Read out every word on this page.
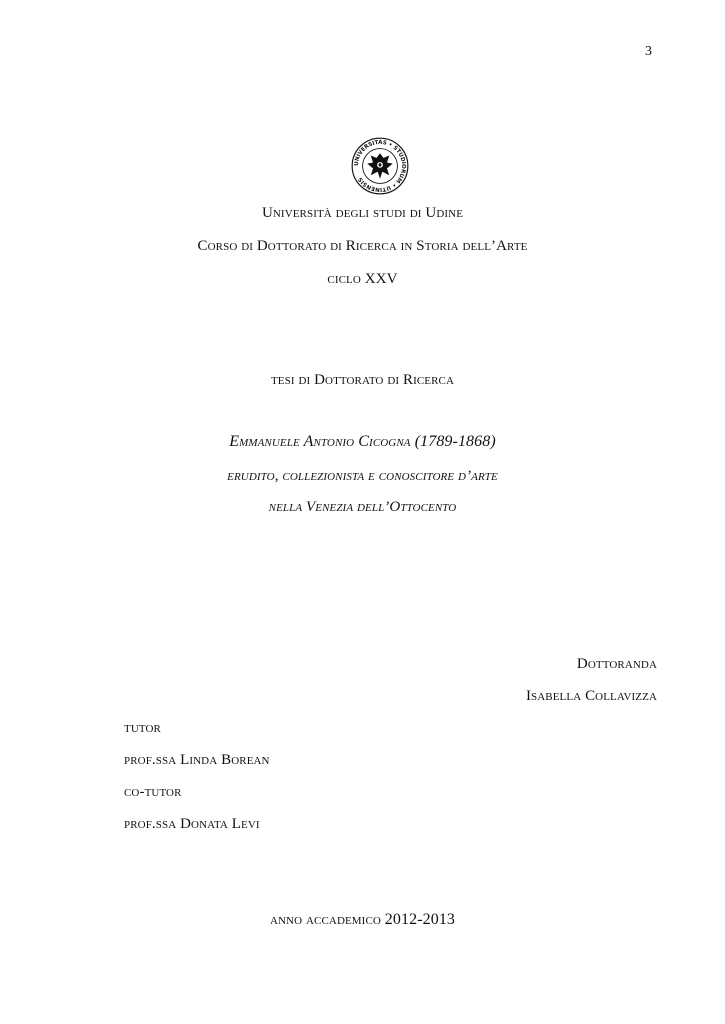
3
UNIVERSITAS • STUDIORUM • UTINENSIS
Università degli studi di Udine
Corso di Dottorato di Ricerca in Storia dell’Arte
ciclo XXV
tesi di Dottorato di Ricerca
Emmanuele Antonio Cicogna (1789-1868)
erudito, collezionista e conoscitore d’arte
nella Venezia dell’Ottocento
Dottoranda
Isabella Collavizza
tutor
prof.ssa Linda Borean
co-tutor
prof.ssa Donata Levi
anno accademico 2012-2013
